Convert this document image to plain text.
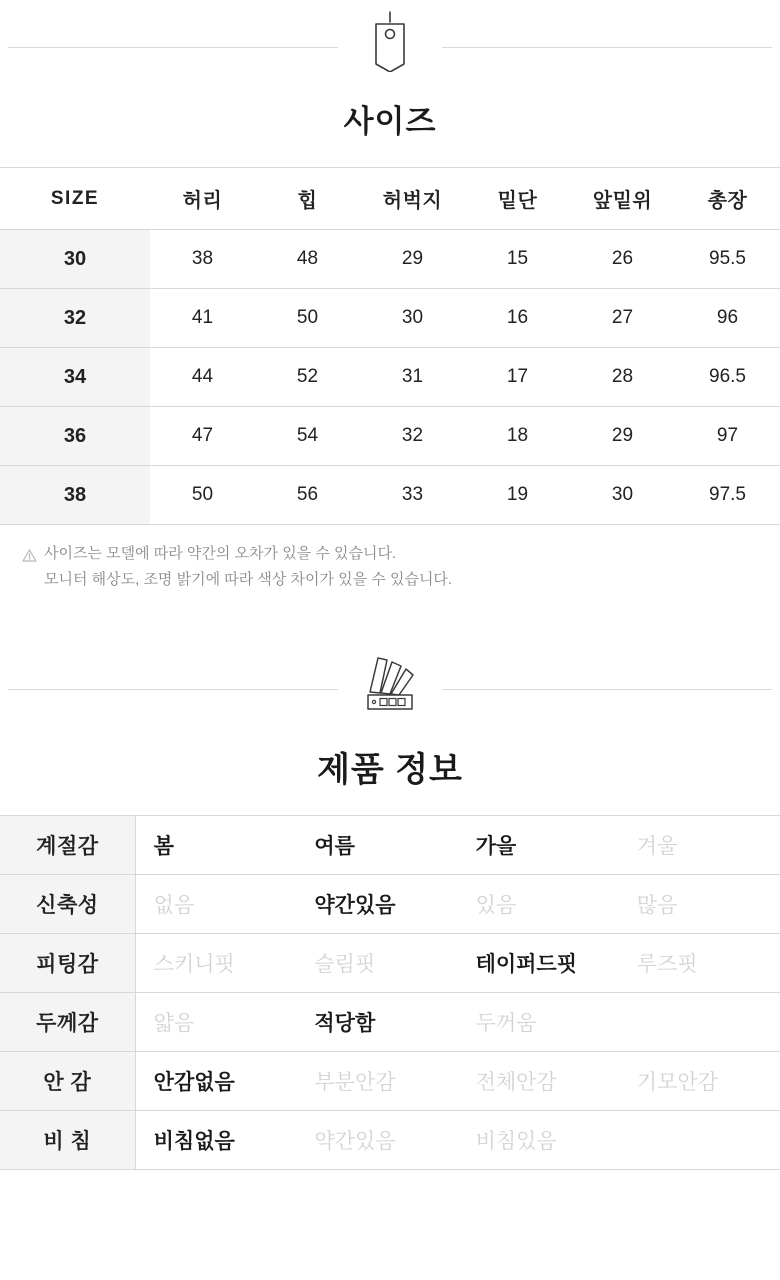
사이즈
SIZE	허리	힙	허벅지	밑단	앞밑위	총장
30	38	48	29	15	26	95.5
32	41	50	30	16	27	96
34	44	52	31	17	28	96.5
36	47	54	32	18	29	97
38	50	56	33	19	30	97.5
사이즈는 모델에 따라 약간의 오차가 있을 수 있습니다.
모니터 해상도, 조명 밝기에 따라 색상 차이가 있을 수 있습니다.
제품 정보
계절감	봄	여름	가을	겨울
신축성	없음	약간있음	있음	많음
피팅감	스키니핏	슬림핏	테이퍼드핏	루즈핏
두께감	얇음	적당함	두꺼움	
안 감	안감없음	부분안감	전체안감	기모안감
비 침	비침없음	약간있음	비침있음	
